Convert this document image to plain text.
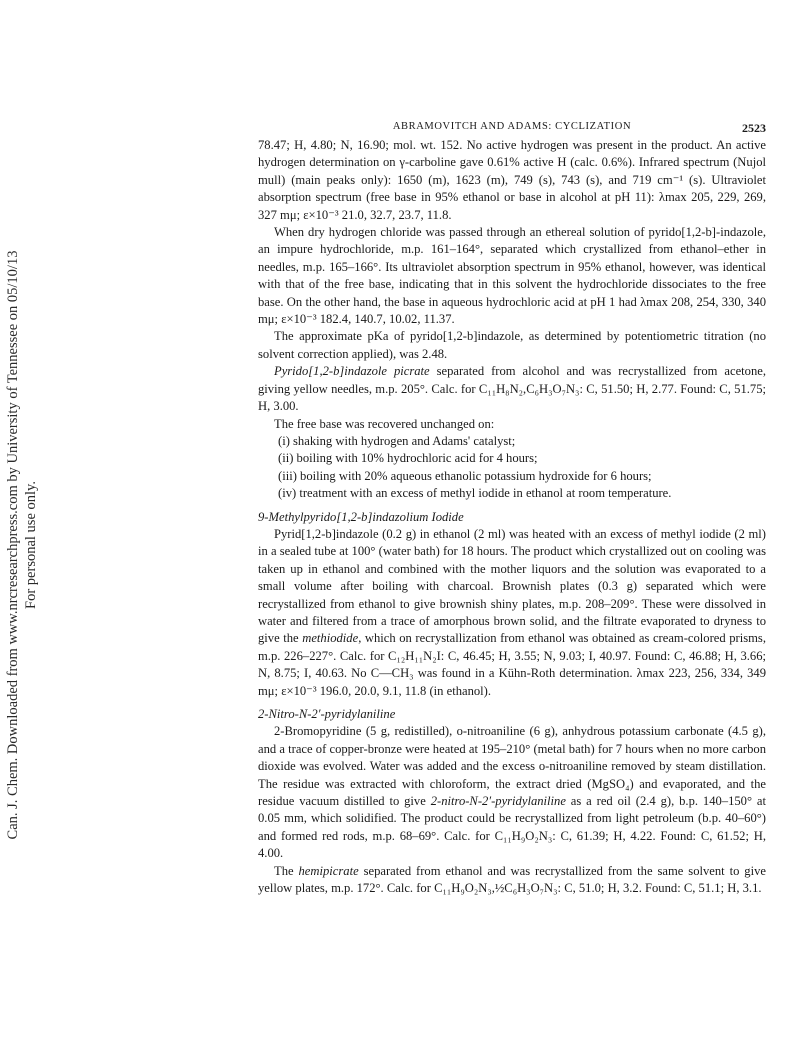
Can. J. Chem. Downloaded from www.nrcresearchpress.com by University of Tennessee on 05/10/13 For personal use only.
ABRAMOVITCH AND ADAMS: CYCLIZATION	2523

78.47; H, 4.80; N, 16.90; mol. wt. 152. No active hydrogen was present in the product. An active hydrogen determination on γ-carboline gave 0.61% active H (calc. 0.6%). Infrared spectrum (Nujol mull) (main peaks only): 1650 (m), 1623 (m), 749 (s), 743 (s), and 719 cm⁻¹ (s). Ultraviolet absorption spectrum (free base in 95% ethanol or base in alcohol at pH 11): λmax 205, 229, 269, 327 mμ; ε×10⁻³ 21.0, 32.7, 23.7, 11.8.

When dry hydrogen chloride was passed through an ethereal solution of pyrido[1,2-b]-indazole, an impure hydrochloride, m.p. 161–164°, separated which crystallized from ethanol–ether in needles, m.p. 165–166°. Its ultraviolet absorption spectrum in 95% ethanol, however, was identical with that of the free base, indicating that in this solvent the hydrochloride dissociates to the free base. On the other hand, the base in aqueous hydrochloric acid at pH 1 had λmax 208, 254, 330, 340 mμ; ε×10⁻³ 182.4, 140.7, 10.02, 11.37.

The approximate pKa of pyrido[1,2-b]indazole, as determined by potentiometric titration (no solvent correction applied), was 2.48.

Pyrido[1,2-b]indazole picrate separated from alcohol and was recrystallized from acetone, giving yellow needles, m.p. 205°. Calc. for C₁₁H₈N₂,C₆H₃O₇N₃: C, 51.50; H, 2.77. Found: C, 51.75; H, 3.00.

The free base was recovered unchanged on:

(i) shaking with hydrogen and Adams' catalyst;

(ii) boiling with 10% hydrochloric acid for 4 hours;

(iii) boiling with 20% aqueous ethanolic potassium hydroxide for 6 hours;

(iv) treatment with an excess of methyl iodide in ethanol at room temperature.

9-Methylpyrido[1,2-b]indazolium Iodide

Pyrid[1,2-b]indazole (0.2 g) in ethanol (2 ml) was heated with an excess of methyl iodide (2 ml) in a sealed tube at 100° (water bath) for 18 hours. The product which crystallized out on cooling was taken up in ethanol and combined with the mother liquors and the solution was evaporated to a small volume after boiling with charcoal. Brownish plates (0.3 g) separated which were recrystallized from ethanol to give brownish shiny plates, m.p. 208–209°. These were dissolved in water and filtered from a trace of amorphous brown solid, and the filtrate evaporated to dryness to give the methiodide, which on recrystallization from ethanol was obtained as cream-colored prisms, m.p. 226–227°. Calc. for C₁₂H₁₁N₂I: C, 46.45; H, 3.55; N, 9.03; I, 40.97. Found: C, 46.88; H, 3.66; N, 8.75; I, 40.63. No C—CH₃ was found in a Kühn-Roth determination. λmax 223, 256, 334, 349 mμ; ε×10⁻³ 196.0, 20.0, 9.1, 11.8 (in ethanol).

2-Nitro-N-2′-pyridylaniline

2-Bromopyridine (5 g, redistilled), o-nitroaniline (6 g), anhydrous potassium carbonate (4.5 g), and a trace of copper-bronze were heated at 195–210° (metal bath) for 7 hours when no more carbon dioxide was evolved. Water was added and the excess o-nitroaniline removed by steam distillation. The residue was extracted with chloroform, the extract dried (MgSO₄) and evaporated, and the residue vacuum distilled to give 2-nitro-N-2′-pyridylaniline as a red oil (2.4 g), b.p. 140–150° at 0.05 mm, which solidified. The product could be recrystallized from light petroleum (b.p. 40–60°) and formed red rods, m.p. 68–69°. Calc. for C₁₁H₉O₂N₃: C, 61.39; H, 4.22. Found: C, 61.52; H, 4.00.

The hemipicrate separated from ethanol and was recrystallized from the same solvent to give yellow plates, m.p. 172°. Calc. for C₁₁H₉O₂N₃,½C₆H₃O₇N₃: C, 51.0; H, 3.2. Found: C, 51.1; H, 3.1.
